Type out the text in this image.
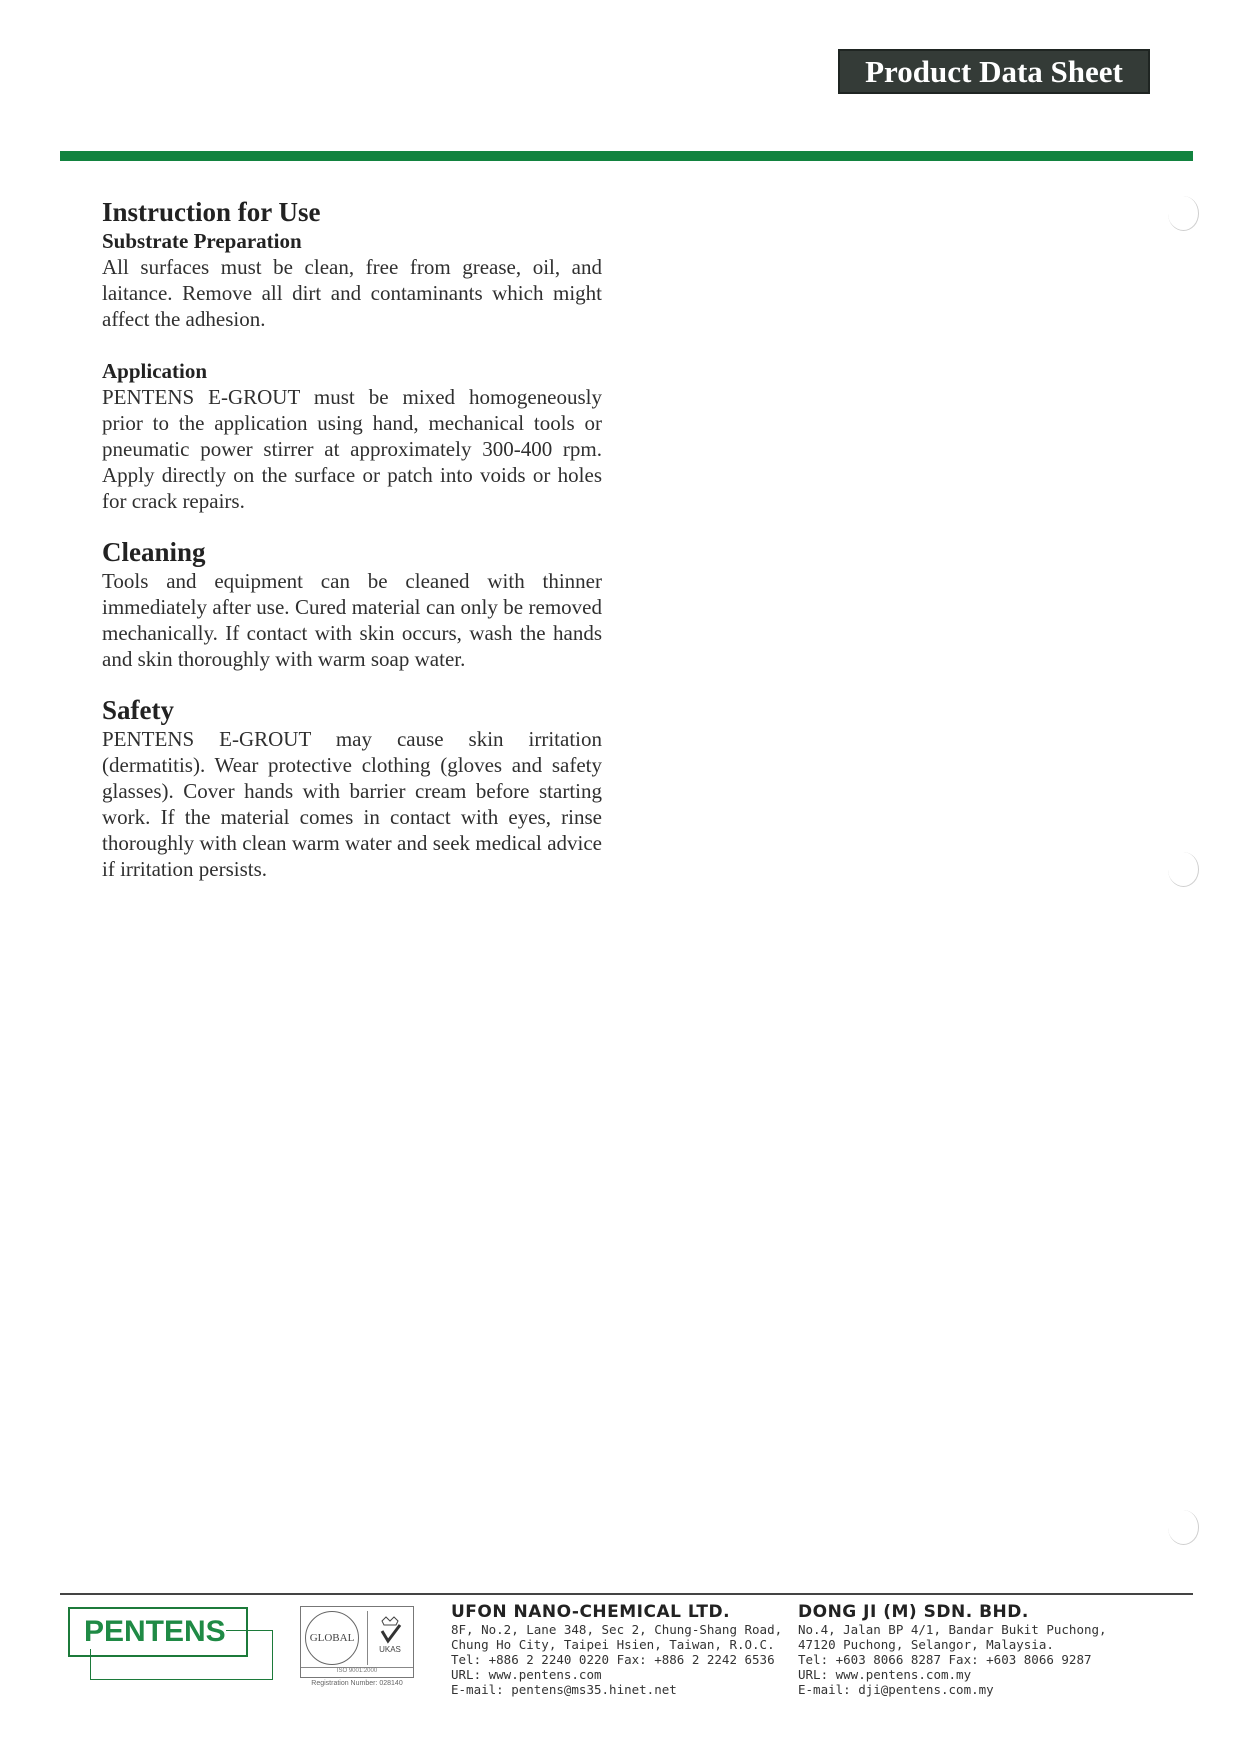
Product Data Sheet
Instruction for Use
Substrate Preparation

All surfaces must be clean, free from grease, oil, and laitance. Remove all dirt and contaminants which might affect the adhesion.

Application

PENTENS E-GROUT must be mixed homogeneously prior to the application using hand, mechanical tools or pneumatic power stirrer at approximately 300-400 rpm. Apply directly on the surface or patch into voids or holes for crack repairs.

Cleaning

Tools and equipment can be cleaned with thinner immediately after use. Cured material can only be removed mechanically. If contact with skin occurs, wash the hands and skin thoroughly with warm soap water.

Safety

PENTENS E-GROUT may cause skin irritation (dermatitis). Wear protective clothing (gloves and safety glasses). Cover hands with barrier cream before starting work. If the material comes in contact with eyes, rinse thoroughly with clean warm water and seek medical advice if irritation persists.

PENTENS	GLOBAL
UKAS
ISO 9001:2000
Registration Number: 028140
UFON NANO-CHEMICAL LTD.
8F, No.2, Lane 348, Sec 2, Chung-Shang Road,
Chung Ho City, Taipei Hsien, Taiwan, R.O.C.
Tel: +886 2 2240 0220 Fax: +886 2 2242 6536
URL: www.pentens.com
E-mail: pentens@ms35.hinet.net
DONG JI (M) SDN. BHD.
No.4, Jalan BP 4/1, Bandar Bukit Puchong,
47120 Puchong, Selangor, Malaysia.
Tel: +603 8066 8287 Fax: +603 8066 9287
URL: www.pentens.com.my
E-mail: dji@pentens.com.my
